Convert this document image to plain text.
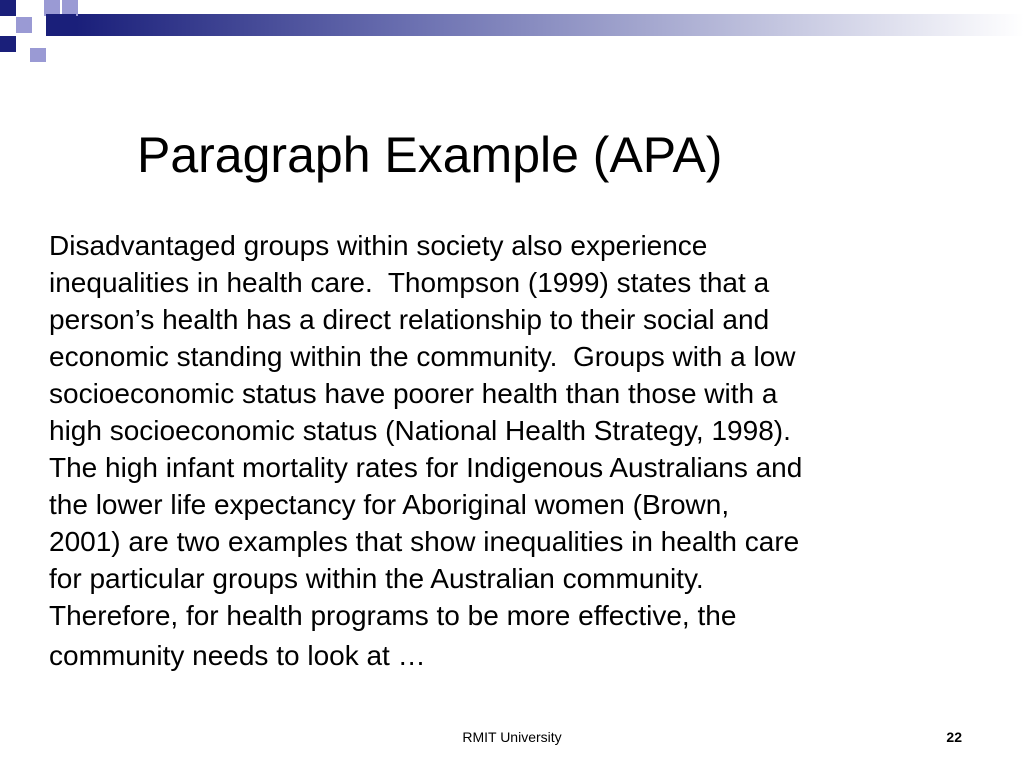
Paragraph Example (APA)
Disadvantaged groups within society also experience
inequalities in health care.  Thompson (1999) states that a
person’s health has a direct relationship to their social and
economic standing within the community.  Groups with a low
socioeconomic status have poorer health than those with a
high socioeconomic status (National Health Strategy, 1998).
The high infant mortality rates for Indigenous Australians and
the lower life expectancy for Aboriginal women (Brown,
2001) are two examples that show inequalities in health care
for particular groups within the Australian community.
Therefore, for health programs to be more effective, the
community needs to look at …
RMIT University	22
